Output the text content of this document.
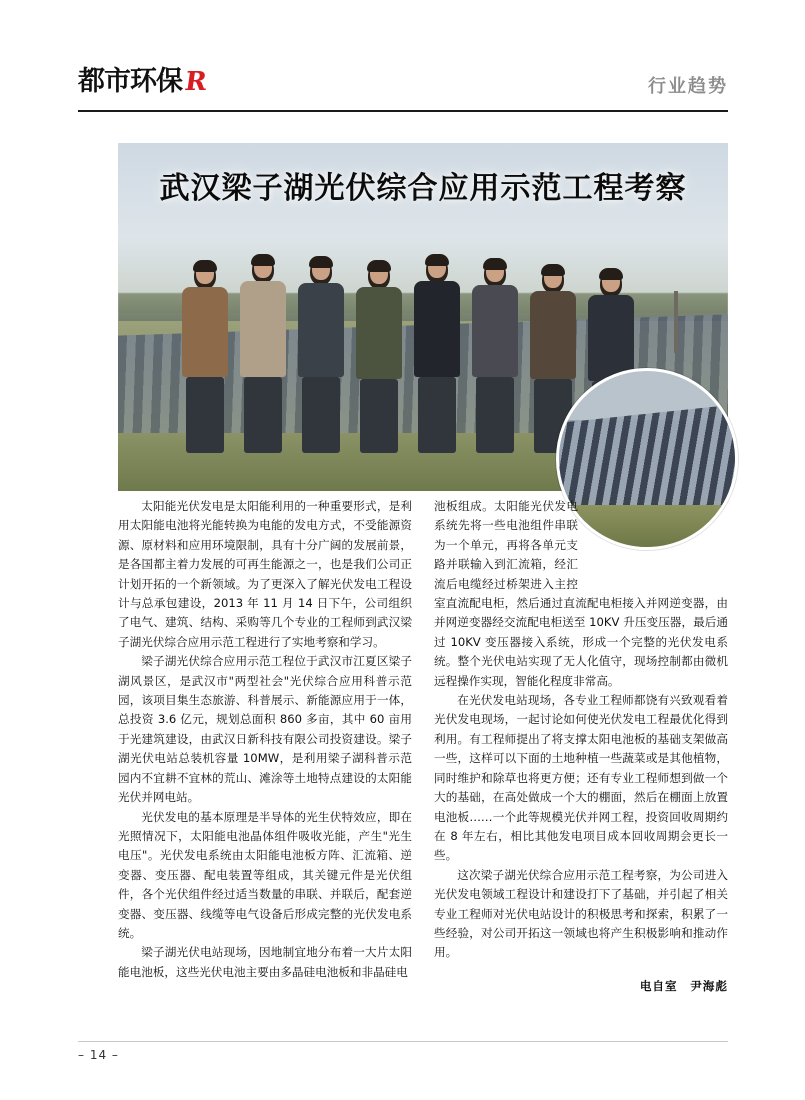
都市环保 R	行业趋势
武汉梁子湖光伏综合应用示范工程考察

太阳能光伏发电是太阳能利用的一种重要形式，是利用太阳能电池将光能转换为电能的发电方式，不受能源资源、原材料和应用环境限制，具有十分广阔的发展前景，是各国都主着力发展的可再生能源之一，也是我们公司正计划开拓的一个新领域。为了更深入了解光伏发电工程设计与总承包建设，2013 年 11 月 14 日下午，公司组织了电气、建筑、结构、采购等几个专业的工程师到武汉梁子湖光伏综合应用示范工程进行了实地考察和学习。

梁子湖光伏综合应用示范工程位于武汉市江夏区梁子湖风景区，是武汉市"两型社会"光伏综合应用科普示范园，该项目集生态旅游、科普展示、新能源应用于一体，总投资 3.6 亿元，规划总面积 860 多亩，其中 60 亩用于光建筑建设，由武汉日新科技有限公司投资建设。梁子湖光伏电站总装机容量 10MW，是利用梁子湖科普示范园内不宜耕不宜林的荒山、滩涂等土地特点建设的太阳能光伏并网电站。

光伏发电的基本原理是半导体的光生伏特效应，即在光照情况下，太阳能电池晶体组件吸收光能，产生"光生电压"。光伏发电系统由太阳能电池板方阵、汇流箱、逆变器、变压器、配电装置等组成，其关键元件是光伏组件，各个光伏组件经过适当数量的串联、并联后，配套逆变器、变压器、线缆等电气设备后形成完整的光伏发电系统。

梁子湖光伏电站现场，因地制宜地分布着一大片太阳能电池板，这些光伏电池主要由多晶硅电池板和非晶硅电

池板组成。太阳能光伏发电系统先将一些电池组件串联为一个单元，再将各单元支路并联输入到汇流箱，经汇流后电缆经过桥架进入主控室直流配电柜，然后通过直流配电柜接入并网逆变器，由并网逆变器经交流配电柜送至 10KV 升压变压器，最后通过 10KV 变压器接入系统，形成一个完整的光伏发电系统。整个光伏电站实现了无人化值守，现场控制都由微机远程操作实现，智能化程度非常高。

在光伏发电站现场，各专业工程师都饶有兴致观看着光伏发电现场，一起讨论如何使光伏发电工程最优化得到利用。有工程师提出了将支撑太阳电池板的基础支架做高一些，这样可以下面的土地种植一些蔬菜或是其他植物，同时维护和除草也将更方便；还有专业工程师想到做一个大的基础，在高处做成一个大的棚面，然后在棚面上放置电池板……一个此等规模光伏并网工程，投资回收周期约在 8 年左右，相比其他发电项目成本回收周期会更长一些。

这次梁子湖光伏综合应用示范工程考察，为公司进入光伏发电领域工程设计和建设打下了基础，并引起了相关专业工程师对光伏电站设计的积极思考和探索，积累了一些经验，对公司开拓这一领域也将产生积极影响和推动作用。

电自室　尹海彪
– 14 –
